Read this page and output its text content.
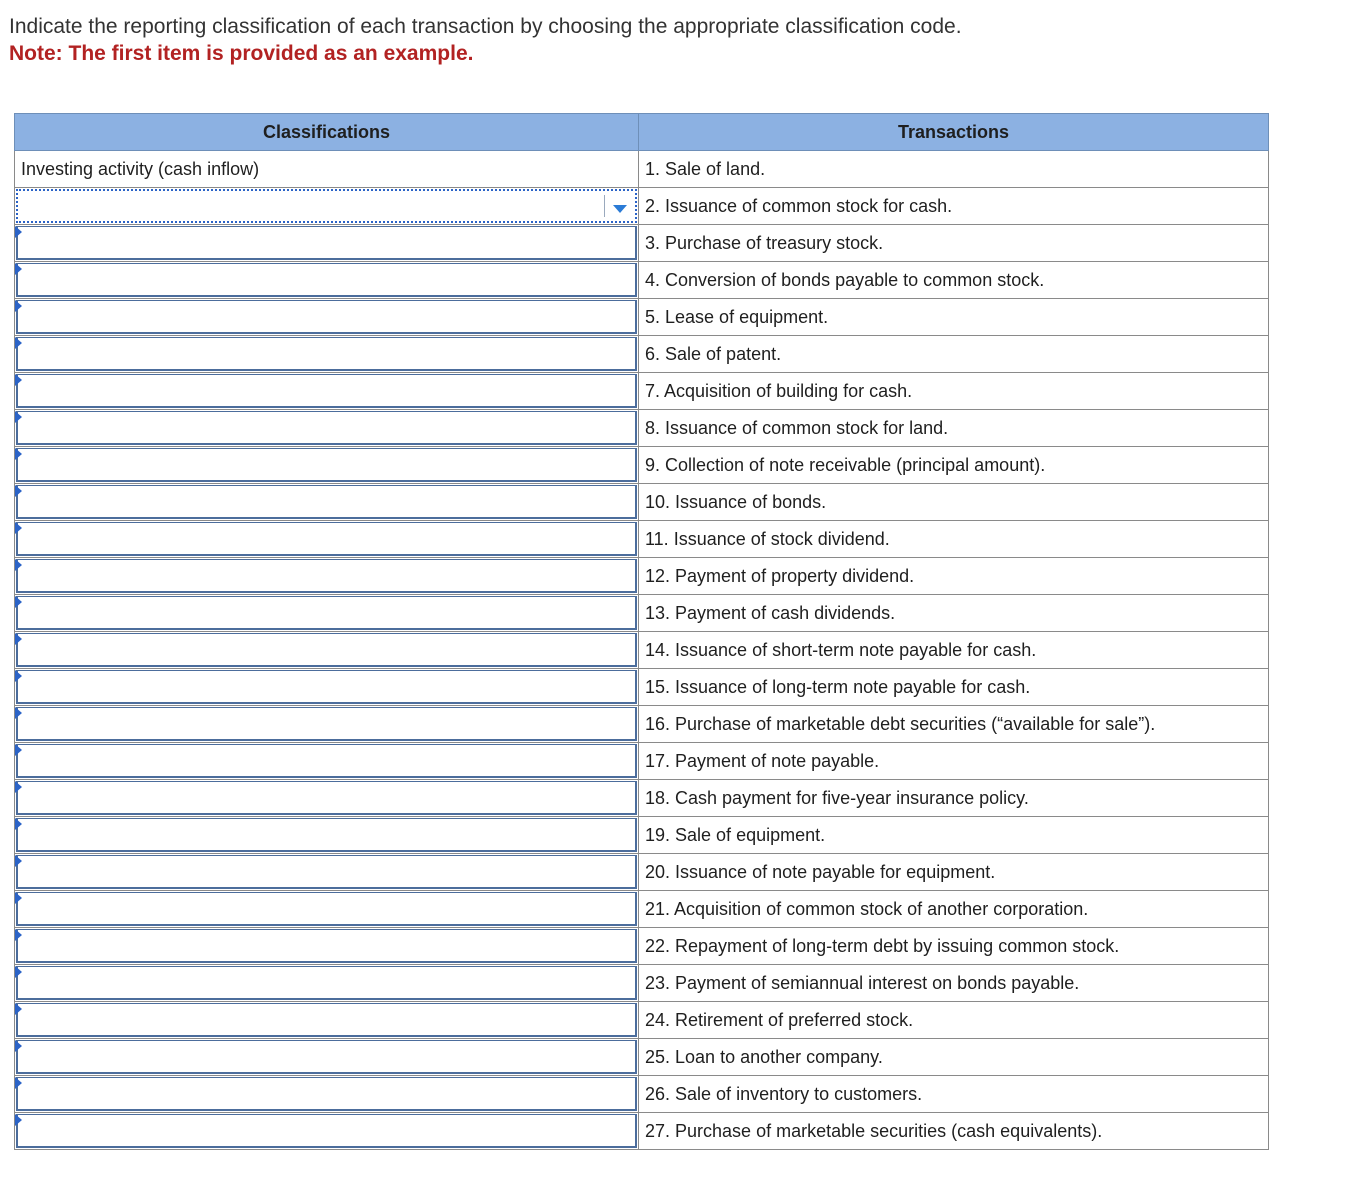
Indicate the reporting classification of each transaction by choosing the appropriate classification code.

Note: The first item is provided as an example.

Classifications	Transactions
Investing activity (cash inflow)	1. Sale of land.

	2. Issuance of common stock for cash.

	3. Purchase of treasury stock.

	4. Conversion of bonds payable to common stock.

	5. Lease of equipment.

	6. Sale of patent.

	7. Acquisition of building for cash.

	8. Issuance of common stock for land.

	9. Collection of note receivable (principal amount).

	10. Issuance of bonds.

	11. Issuance of stock dividend.

	12. Payment of property dividend.

	13. Payment of cash dividends.

	14. Issuance of short-term note payable for cash.

	15. Issuance of long-term note payable for cash.

	16. Purchase of marketable debt securities (“available for sale”).

	17. Payment of note payable.

	18. Cash payment for five-year insurance policy.

	19. Sale of equipment.

	20. Issuance of note payable for equipment.

	21. Acquisition of common stock of another corporation.

	22. Repayment of long-term debt by issuing common stock.

	23. Payment of semiannual interest on bonds payable.

	24. Retirement of preferred stock.

	25. Loan to another company.

	26. Sale of inventory to customers.

	27. Purchase of marketable securities (cash equivalents).
